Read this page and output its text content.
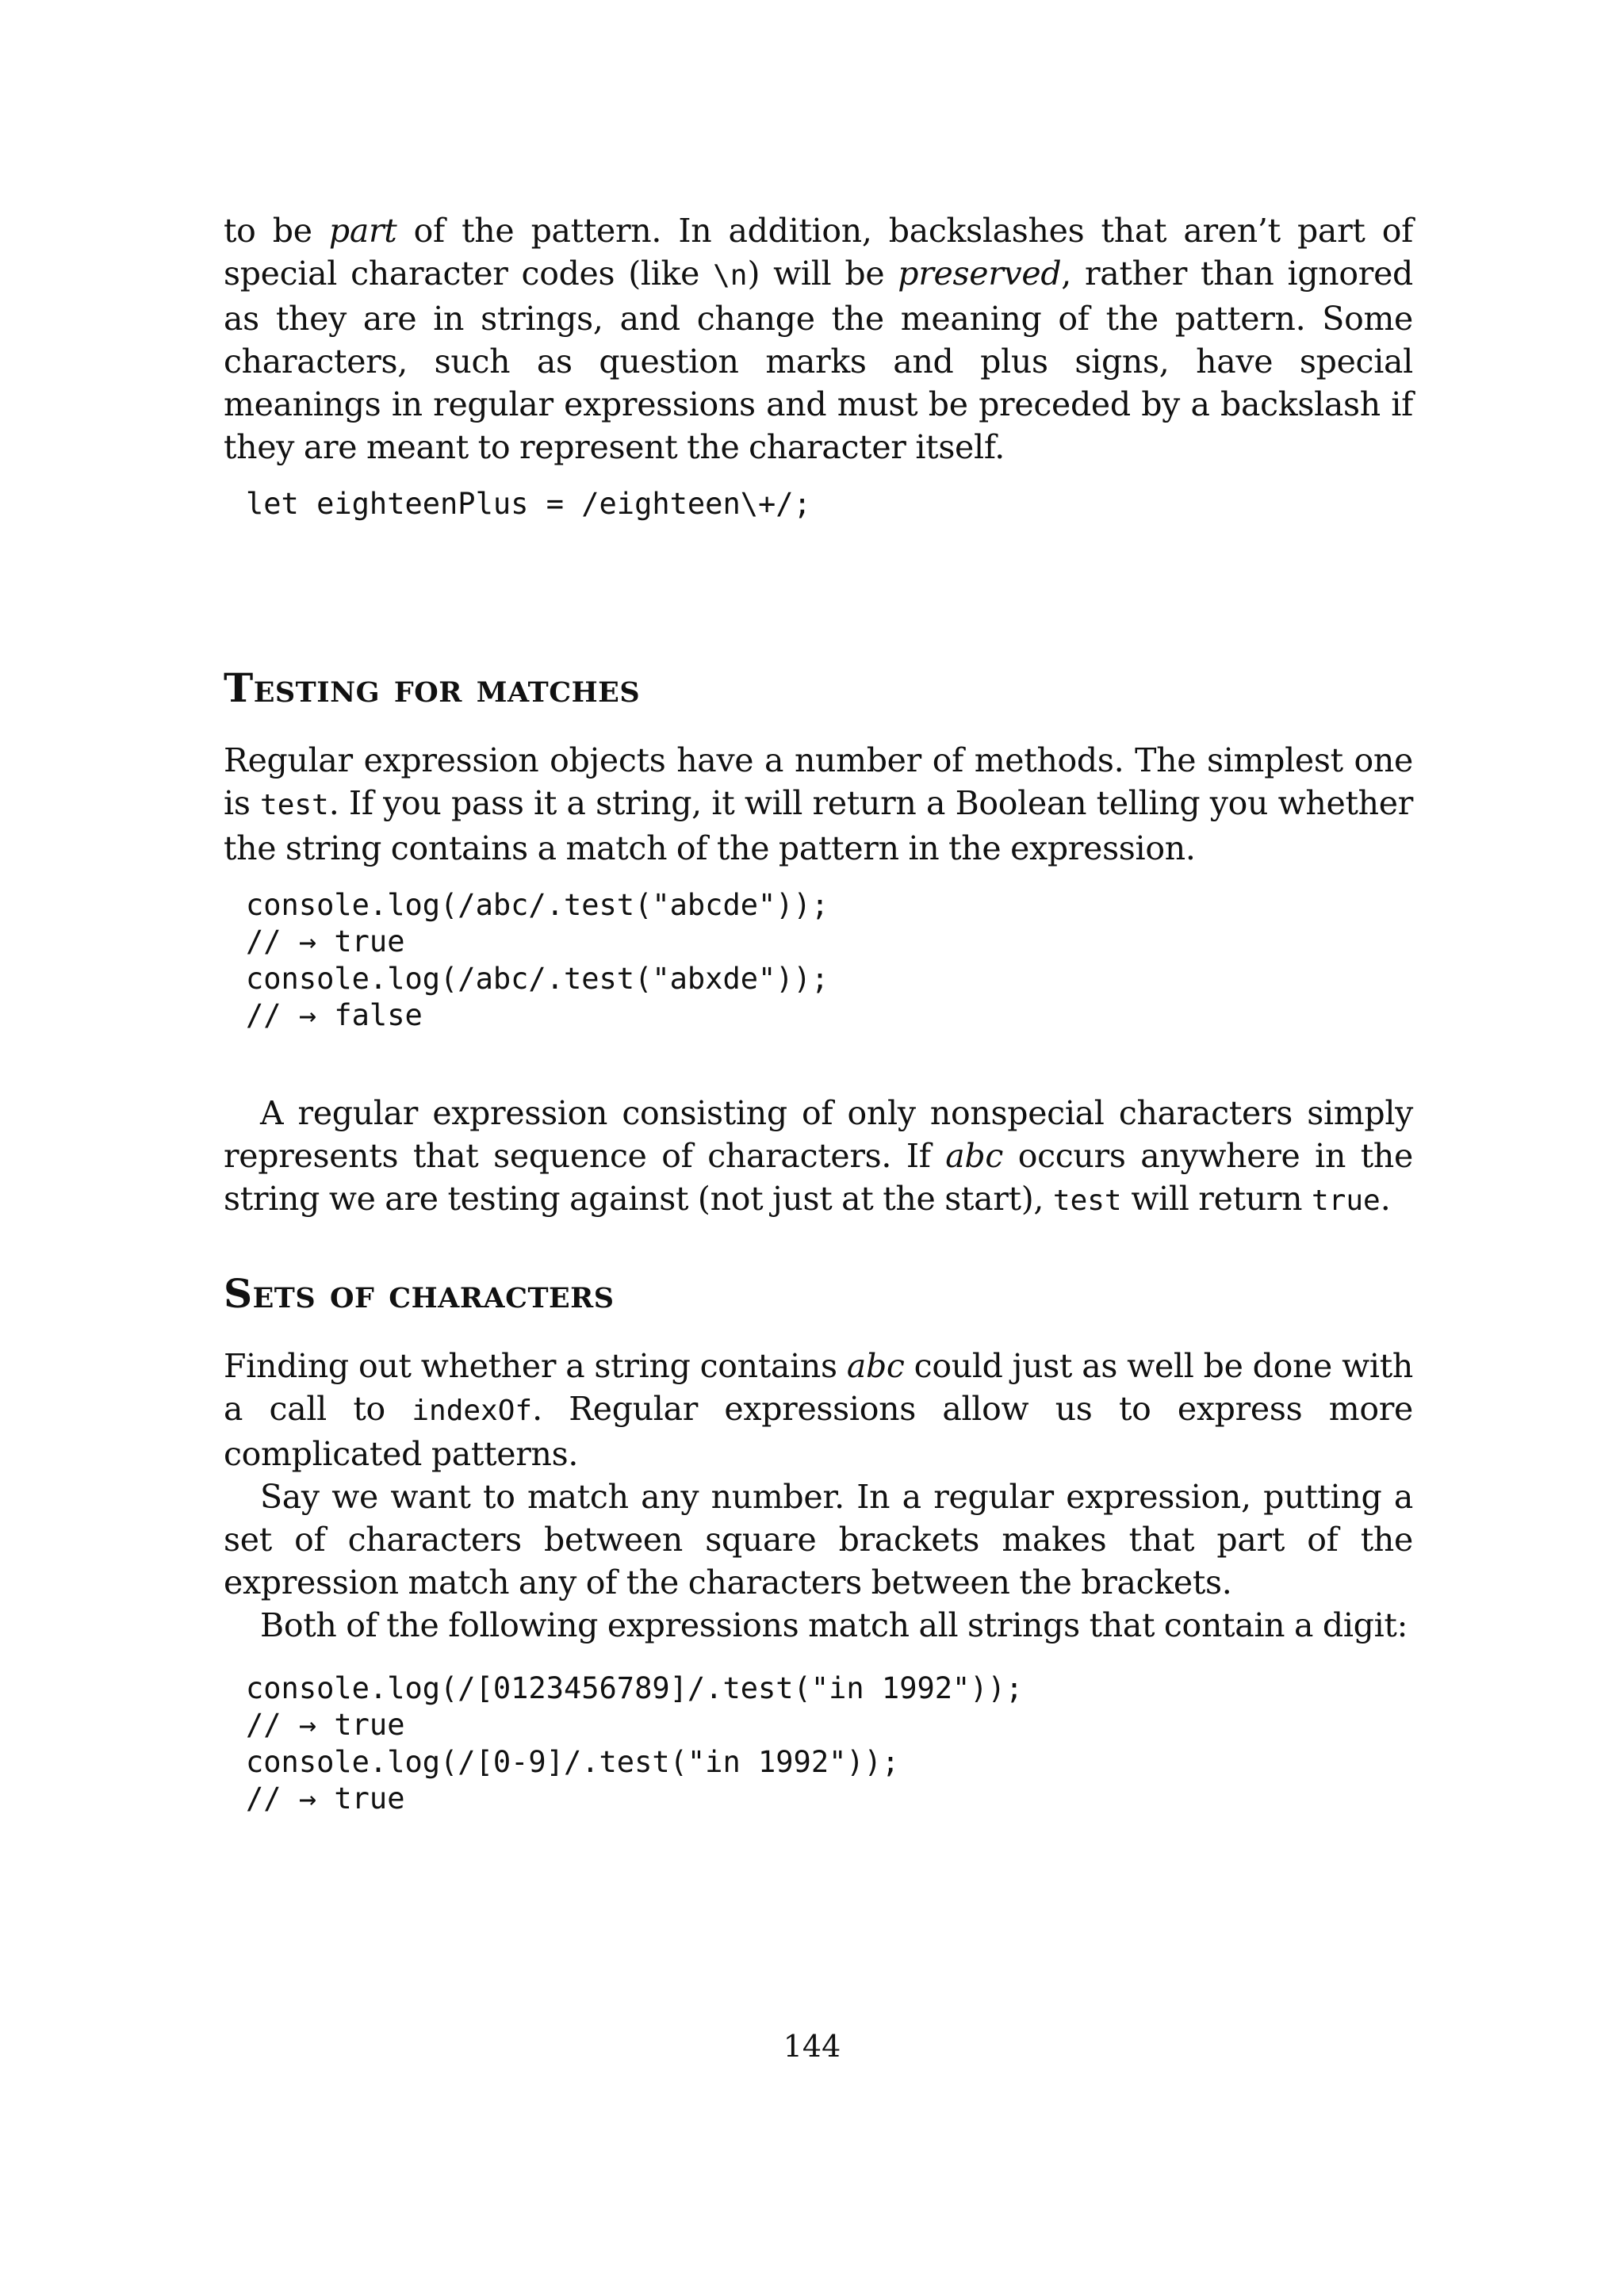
to be part of the pattern. In addition, backslashes that aren’t part of special character codes (like \n) will be preserved, rather than ignored as they are in strings, and change the meaning of the pattern. Some characters, such as question marks and plus signs, have special meanings in regular expressions and must be preceded by a backslash if they are meant to represent the character itself.

let eighteenPlus = /eighteen\+/;
Testing for matches

Regular expression objects have a number of methods. The simplest one is test. If you pass it a string, it will return a Boolean telling you whether the string contains a match of the pattern in the expression.

console.log(/abc/.test("abcde"));
// → true
console.log(/abc/.test("abxde"));
// → false

A regular expression consisting of only nonspecial characters simply represents that sequence of characters. If abc occurs anywhere in the string we are testing against (not just at the start), test will return true.

Sets of characters

Finding out whether a string contains abc could just as well be done with a call to indexOf. Regular expressions allow us to express more complicated patterns.

Say we want to match any number. In a regular expression, putting a set of characters between square brackets makes that part of the expression match any of the characters between the brackets.

Both of the following expressions match all strings that contain a digit:

console.log(/[0123456789]/.test("in 1992"));
// → true
console.log(/[0-9]/.test("in 1992"));
// → true
144
